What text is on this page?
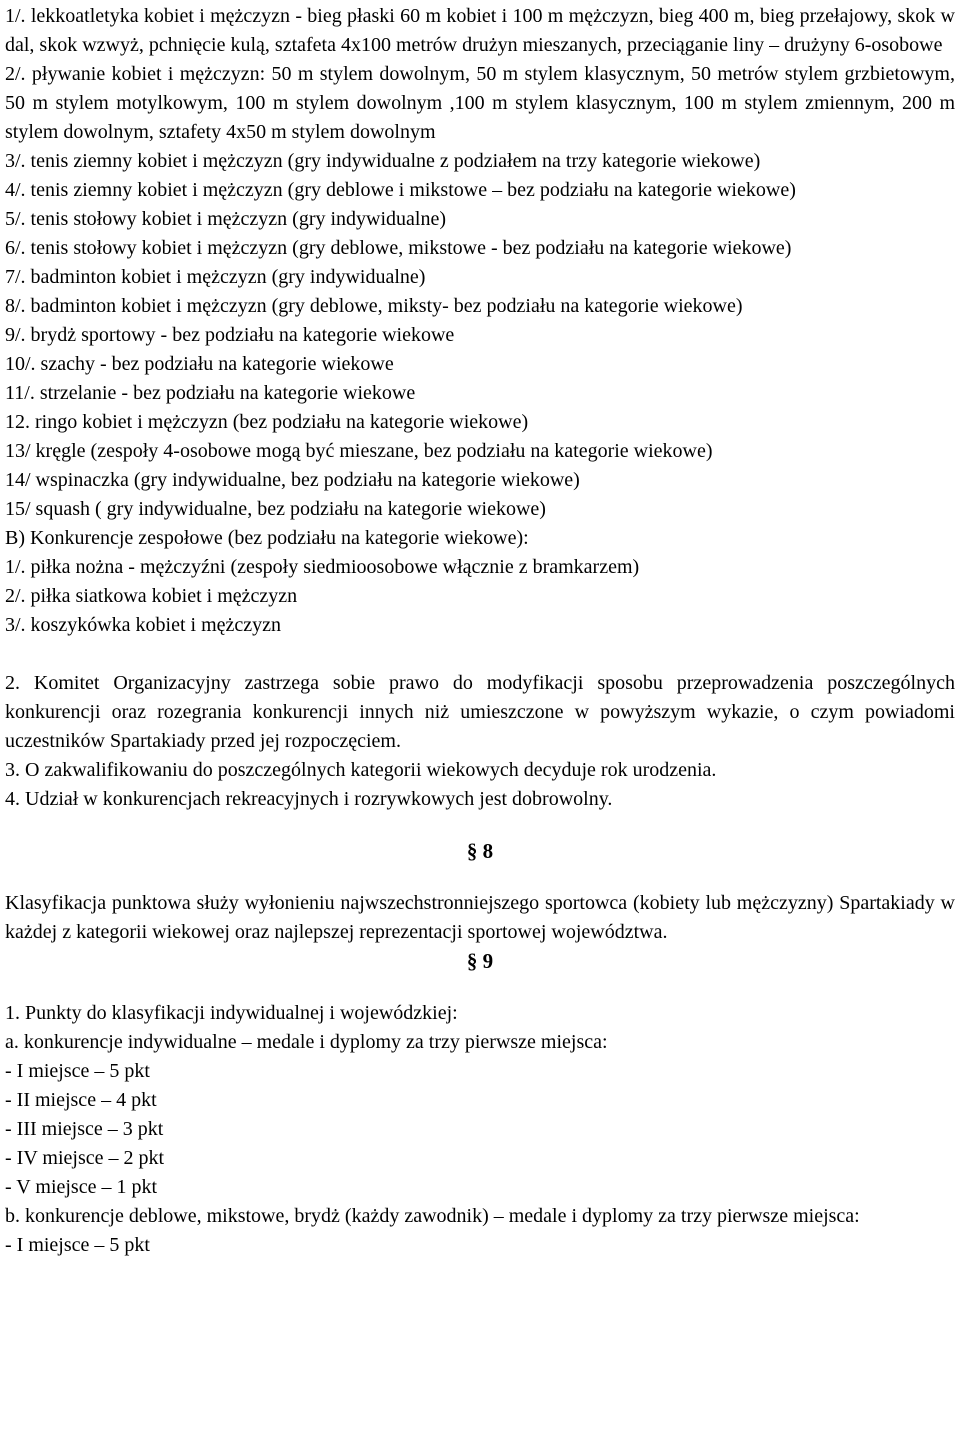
1/. lekkoatletyka kobiet i mężczyzn - bieg płaski 60 m kobiet i 100 m mężczyzn, bieg 400 m, bieg przełajowy, skok w dal, skok wzwyż, pchnięcie kulą, sztafeta 4x100 metrów drużyn mieszanych, przeciąganie liny – drużyny 6-osobowe

2/. pływanie kobiet i mężczyzn: 50 m stylem dowolnym, 50 m stylem klasycznym, 50 metrów stylem grzbietowym, 50 m stylem motylkowym, 100 m stylem dowolnym ,100 m stylem klasycznym, 100 m stylem zmiennym, 200 m stylem dowolnym, sztafety 4x50 m stylem dowolnym

3/. tenis ziemny kobiet i mężczyzn (gry indywidualne z podziałem na trzy kategorie wiekowe)

4/. tenis ziemny kobiet i mężczyzn (gry deblowe i mikstowe – bez podziału na kategorie wiekowe)

5/. tenis stołowy kobiet i mężczyzn (gry indywidualne)

6/. tenis stołowy kobiet i mężczyzn (gry deblowe, mikstowe - bez podziału na kategorie wiekowe)

7/. badminton kobiet i mężczyzn (gry indywidualne)

8/. badminton kobiet i mężczyzn (gry deblowe, miksty- bez podziału na kategorie wiekowe)

9/. brydż sportowy - bez podziału na kategorie wiekowe

10/. szachy - bez podziału na kategorie wiekowe

11/. strzelanie - bez podziału na kategorie wiekowe

12. ringo kobiet i mężczyzn (bez podziału na kategorie wiekowe)

13/ kręgle (zespoły 4-osobowe mogą być mieszane, bez podziału na kategorie wiekowe)

14/ wspinaczka (gry indywidualne, bez podziału na kategorie wiekowe)

15/ squash ( gry indywidualne, bez podziału na kategorie wiekowe)

B) Konkurencje zespołowe (bez podziału na kategorie wiekowe):

1/. piłka nożna - mężczyźni (zespoły siedmioosobowe włącznie z bramkarzem)

2/. piłka siatkowa kobiet i mężczyzn

3/. koszykówka kobiet i mężczyzn

2. Komitet Organizacyjny zastrzega sobie prawo do modyfikacji sposobu przeprowadzenia poszczególnych konkurencji oraz rozegrania konkurencji innych niż umieszczone w powyższym wykazie, o czym powiadomi uczestników Spartakiady przed jej rozpoczęciem.

3. O zakwalifikowaniu do poszczególnych kategorii wiekowych decyduje rok urodzenia.

4. Udział w konkurencjach rekreacyjnych i rozrywkowych jest dobrowolny.

§ 8

Klasyfikacja punktowa służy wyłonieniu najwszechstronniejszego sportowca (kobiety lub mężczyzny) Spartakiady w każdej z kategorii wiekowej oraz najlepszej reprezentacji sportowej województwa.

§ 9

1. Punkty do klasyfikacji indywidualnej i wojewódzkiej:

a. konkurencje indywidualne – medale i dyplomy za trzy pierwsze miejsca:

- I miejsce – 5 pkt

- II miejsce – 4 pkt

- III miejsce – 3 pkt

- IV miejsce – 2 pkt

- V miejsce – 1 pkt

b. konkurencje deblowe, mikstowe, brydż (każdy zawodnik) – medale i dyplomy za trzy pierwsze miejsca:

- I miejsce – 5 pkt
